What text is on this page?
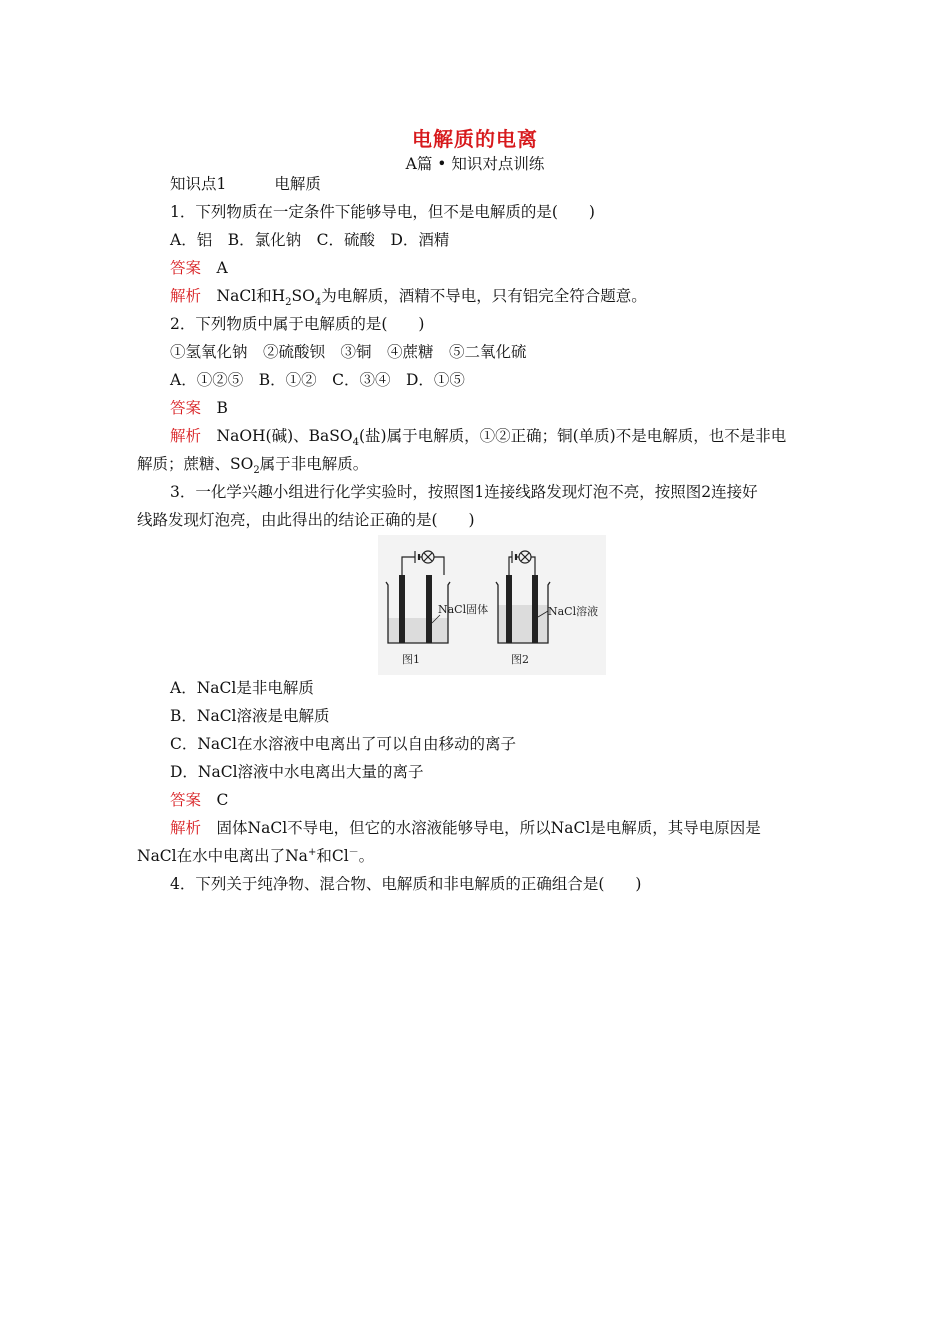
电解质的电离
A篇 • 知识对点训练
知识点1	电解质
1．下列物质在一定条件下能够导电，但不是电解质的是(　　)
A．铝　B．氯化钠　C．硫酸　D．酒精
答案　 A
解析　 NaCl和$H_2SO_4$为电解质，酒精不导电，只有铝完全符合题意。
2．下列物质中属于电解质的是(　　)
①氢氧化钠　②硫酸钡　③铜　④蔗糖　⑤二氧化硫
A．①②⑤　B．①②　C．③④　D．①⑤
答案　 B
解析　 NaOH(碱)、BaSO$_4$(盐)属于电解质，①②正确；铜(单质)不是电解质，也不是非电
解质；蔗糖、$SO_2$属于非电解质。
3．一化学兴趣小组进行化学实验时，按照图1连接线路发现灯泡不亮，按照图2连接好
线路发现灯泡亮，由此得出的结论正确的是(　　)
NaCl固体
图1
NaCl溶液
图2
A．NaCl是非电解质
B．NaCl溶液是电解质
C．NaCl在水溶液中电离出了可以自由移动的离子
D．NaCl溶液中水电离出大量的离子
答案　 C
解析　 固体NaCl不导电，但它的水溶液能够导电，所以NaCl是电解质，其导电原因是
NaCl在水中电离出了Na+和Cl－。
4．下列关于纯净物、混合物、电解质和非电解质的正确组合是(　　)
